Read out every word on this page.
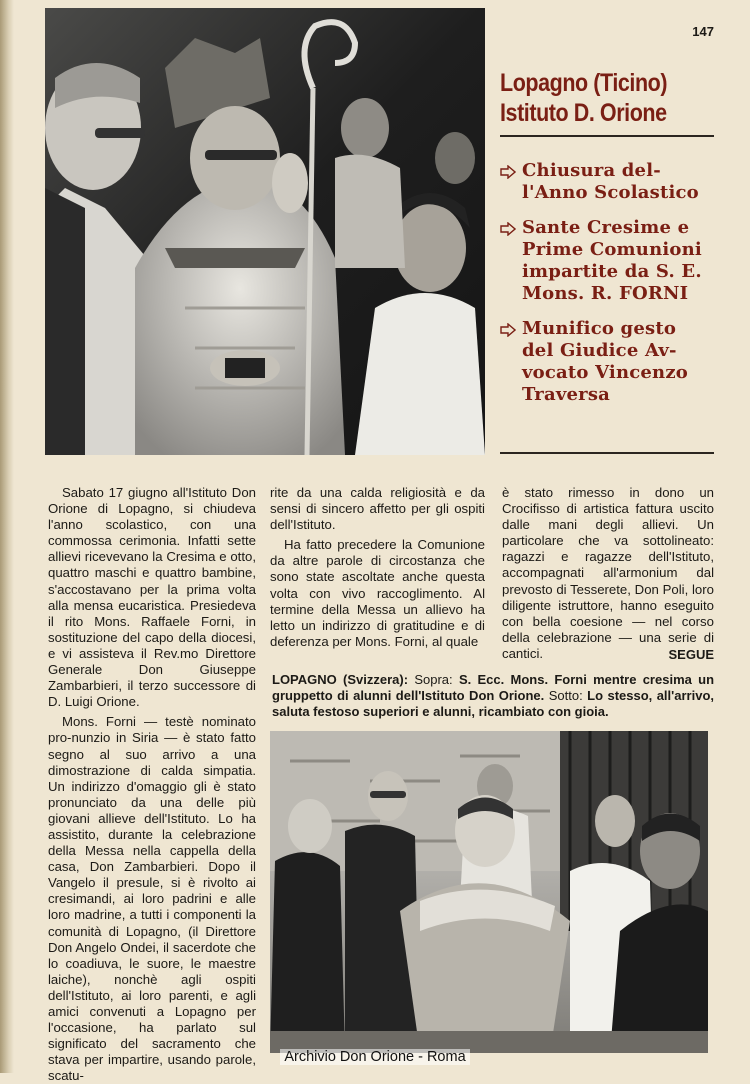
147
Lopagno (Ticino)
Istituto D. Orione
Chiusura del-
l'Anno Scolastico
Sante Cresime e
Prime Comunioni
impartite da S. E.
Mons. R. FORNI
Munifico gesto
del Giudice Av-
vocato Vincenzo
Traversa

Sabato 17 giugno all'Istituto Don Orione di Lopagno, si chiudeva l'anno scolastico, con una commossa cerimonia. Infatti sette allievi ricevevano la Cresima e otto, quattro maschi e quattro bambine, s'accostavano per la prima volta alla mensa eucaristica. Presiedeva il rito Mons. Raffaele Forni, in sostituzione del capo della diocesi, e vi assisteva il Rev.mo Direttore Generale Don Giuseppe Zambarbieri, il terzo successore di D. Luigi Orione.

Mons. Forni — testè nominato pro-nunzio in Siria — è stato fatto segno al suo arrivo a una dimostrazione di calda simpatia. Un indirizzo d'omaggio gli è stato pronunciato da una delle più giovani allieve dell'Istituto. Lo ha assistito, durante la celebrazione della Messa nella cappella della casa, Don Zambarbieri. Dopo il Vangelo il presule, si è rivolto ai cresimandi, ai loro padrini e alle loro madrine, a tutti i componenti la comunità di Lopagno, (il Direttore Don Angelo Ondei, il sacerdote che lo coadiuva, le suore, le maestre laiche), nonchè agli ospiti dell'Istituto, ai loro parenti, e agli amici convenuti a Lopagno per l'occasione, ha parlato sul significato del sacramento che stava per impartire, usando parole, scatu-

rite da una calda religiosità e da sensi di sincero affetto per gli ospiti dell'Istituto.

Ha fatto precedere la Comunione da altre parole di circostanza che sono state ascoltate anche questa volta con vivo raccoglimento. Al termine della Messa un allievo ha letto un indirizzo di gratitudine e di deferenza per Mons. Forni, al quale

è stato rimesso in dono un Crocifisso di artistica fattura uscito dalle mani degli allievi. Un particolare che va sottolineato: ragazzi e ragazze dell'Istituto, accompagnati all'armonium dal prevosto di Tesserete, Don Poli, loro diligente istruttore, hanno eseguito con bella coesione — nel corso della celebrazione — una serie di cantici.	SEGUE
LOPAGNO (Svizzera): Sopra: S. Ecc. Mons. Forni mentre cresima un gruppetto di alunni dell'Istituto Don Orione. Sotto: Lo stesso, all'arrivo, saluta festoso superiori e alunni, ricambiato con gioia.
Archivio Don Orione - Roma
